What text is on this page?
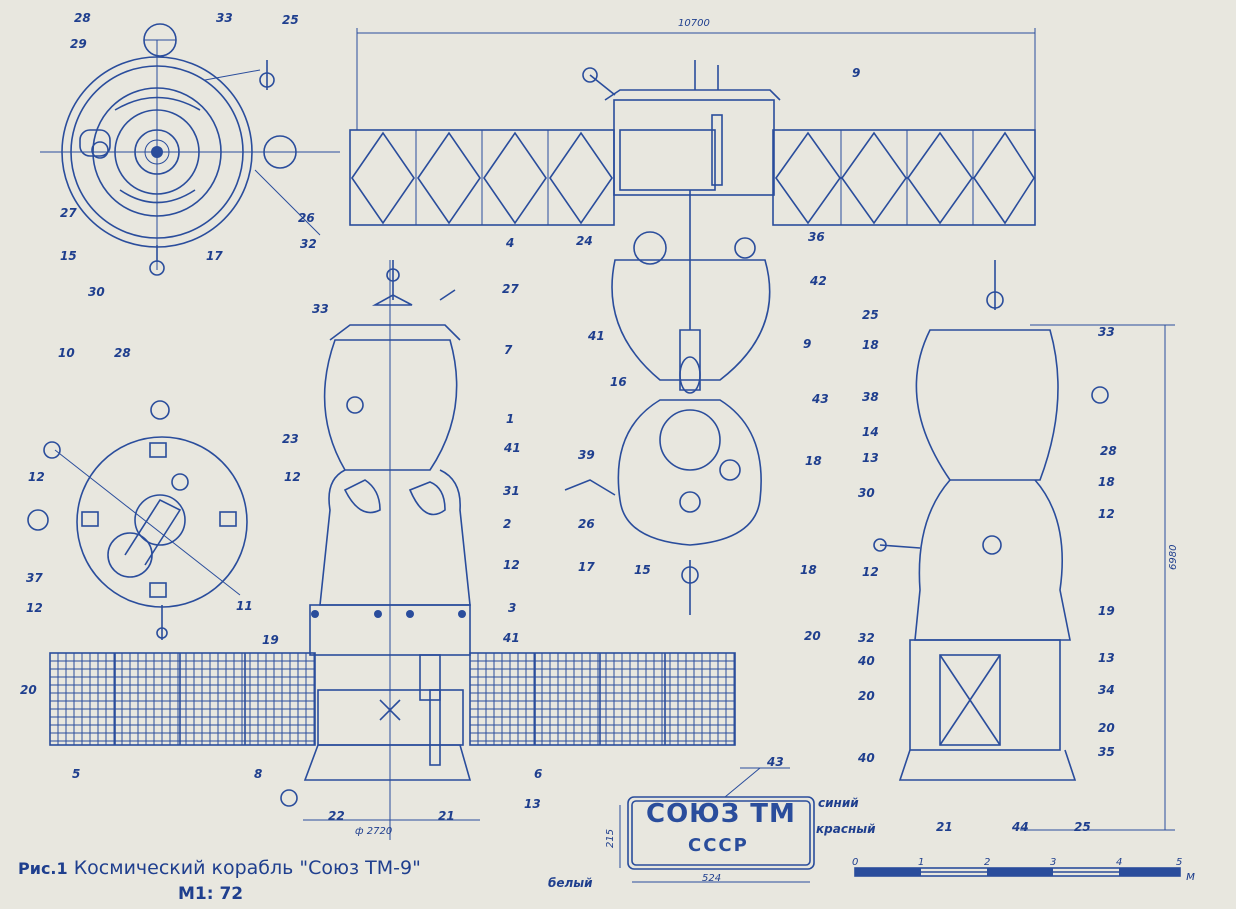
10700
6980
ф 2720
524
215
СОЮЗ ТМ
СССР
синий
красный
белый
43
Рис.1 Космический корабль "Союз ТМ-9"
М1: 72
0	1	2	3	4	5
м
28	33	25
29
27
15	17
30
26
32	4
27
33
7
1
23
41
31
2
12
19
3
41
20
5	8
22	21
13
6
20
10	28
12	12
37
12	11
9
24	36
42
41
9
16
43
39	18
26
17	15	18
25
33
18
38
28
14
13
30
18
12
12
19
13
32
40
20	34
40
20
35
21	44	25
